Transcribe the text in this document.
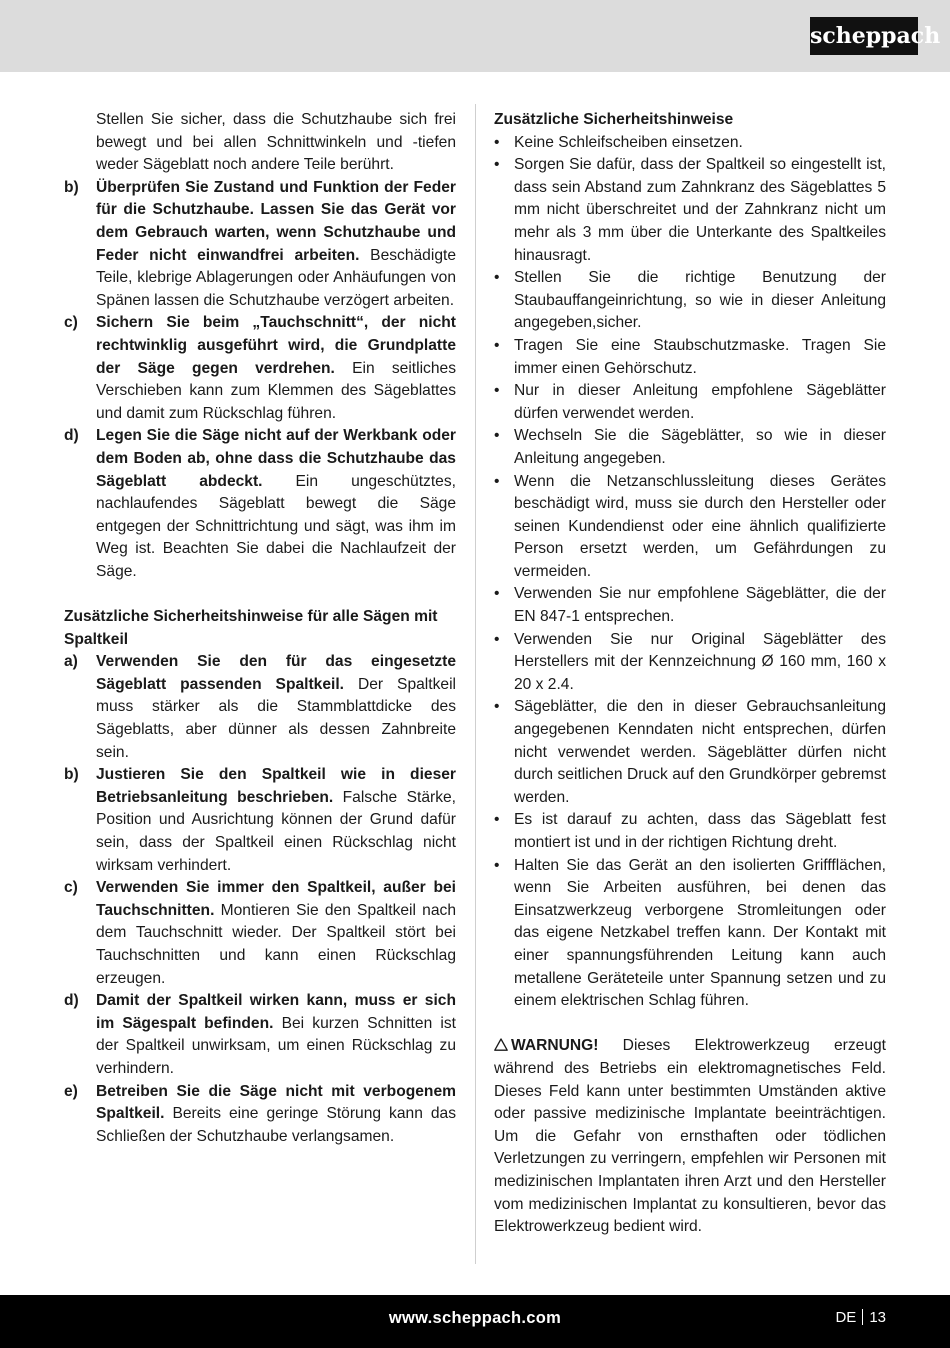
scheppach

Stellen Sie sicher, dass die Schutzhaube sich frei bewegt und bei allen Schnittwinkeln und -tiefen weder Sägeblatt noch andere Teile berührt.

b) Überprüfen Sie Zustand und Funktion der Feder für die Schutzhaube. Lassen Sie das Gerät vor dem Gebrauch warten, wenn Schutzhaube und Feder nicht einwandfrei arbeiten. Beschädigte Teile, klebrige Ablagerungen oder Anhäufungen von Spänen lassen die Schutzhaube verzögert arbeiten.

c) Sichern Sie beim „Tauchschnitt“, der nicht rechtwinklig ausgeführt wird, die Grundplatte der Säge gegen verdrehen. Ein seitliches Verschieben kann zum Klemmen des Sägeblattes und damit zum Rückschlag führen.

d) Legen Sie die Säge nicht auf der Werkbank oder dem Boden ab, ohne dass die Schutzhaube das Sägeblatt abdeckt. Ein ungeschütztes, nachlaufendes Sägeblatt bewegt die Säge entgegen der Schnittrichtung und sägt, was ihm im Weg ist. Beachten Sie dabei die Nachlaufzeit der Säge.

Zusätzliche Sicherheitshinweise für alle Sägen mit Spaltkeil

a) Verwenden Sie den für das eingesetzte Sägeblatt passenden Spaltkeil. Der Spaltkeil muss stärker als die Stammblattdicke des Sägeblatts, aber dünner als dessen Zahnbreite sein.

b) Justieren Sie den Spaltkeil wie in dieser Betriebsanleitung beschrieben. Falsche Stärke, Position und Ausrichtung können der Grund dafür sein, dass der Spaltkeil einen Rückschlag nicht wirksam verhindert.

c) Verwenden Sie immer den Spaltkeil, außer bei Tauchschnitten. Montieren Sie den Spaltkeil nach dem Tauchschnitt wieder. Der Spaltkeil stört bei Tauchschnitten und kann einen Rückschlag erzeugen.

d) Damit der Spaltkeil wirken kann, muss er sich im Sägespalt befinden. Bei kurzen Schnitten ist der Spaltkeil unwirksam, um einen Rückschlag zu verhindern.

e) Betreiben Sie die Säge nicht mit verbogenem Spaltkeil. Bereits eine geringe Störung kann das Schließen der Schutzhaube verlangsamen.

Zusätzliche Sicherheitshinweise

• Keine Schleifscheiben einsetzen.
• Sorgen Sie dafür, dass der Spaltkeil so eingestellt ist, dass sein Abstand zum Zahnkranz des Sägeblattes 5 mm nicht überschreitet und der Zahnkranz nicht um mehr als 3 mm über die Unterkante des Spaltkeiles hinausragt.
• Stellen Sie die richtige Benutzung der Staubauffangeinrichtung, so wie in dieser Anleitung angegeben,sicher.
• Tragen Sie eine Staubschutzmaske. Tragen Sie immer einen Gehörschutz.
• Nur in dieser Anleitung empfohlene Sägeblätter dürfen verwendet werden.
• Wechseln Sie die Sägeblätter, so wie in dieser Anleitung angegeben.
• Wenn die Netzanschlussleitung dieses Gerätes beschädigt wird, muss sie durch den Hersteller oder seinen Kundendienst oder eine ähnlich qualifizierte Person ersetzt werden, um Gefährdungen zu vermeiden.
• Verwenden Sie nur empfohlene Sägeblätter, die der EN 847-1 entsprechen.
• Verwenden Sie nur Original Sägeblätter des Herstellers mit der Kennzeichnung Ø 160 mm, 160 x 20 x 2.4.
• Sägeblätter, die den in dieser Gebrauchsanleitung angegebenen Kenndaten nicht entsprechen, dürfen nicht verwendet werden. Sägeblätter dürfen nicht durch seitlichen Druck auf den Grundkörper gebremst werden.
• Es ist darauf zu achten, dass das Sägeblatt fest montiert ist und in der richtigen Richtung dreht.
• Halten Sie das Gerät an den isolierten Griffflächen, wenn Sie Arbeiten ausführen, bei denen das Einsatzwerkzeug verborgene Stromleitungen oder das eigene Netzkabel treffen kann. Der Kontakt mit einer spannungsführenden Leitung kann auch metallene Geräteteile unter Spannung setzen und zu einem elektrischen Schlag führen.

WARNUNG! Dieses Elektrowerkzeug erzeugt während des Betriebs ein elektromagnetisches Feld. Dieses Feld kann unter bestimmten Umständen aktive oder passive medizinische Implantate beeinträchtigen. Um die Gefahr von ernsthaften oder tödlichen Verletzungen zu verringern, empfehlen wir Personen mit medizinischen Implantaten ihren Arzt und den Hersteller vom medizinischen Implantat zu konsultieren, bevor das Elektrowerkzeug bedient wird.

www.scheppach.com	DE 13
